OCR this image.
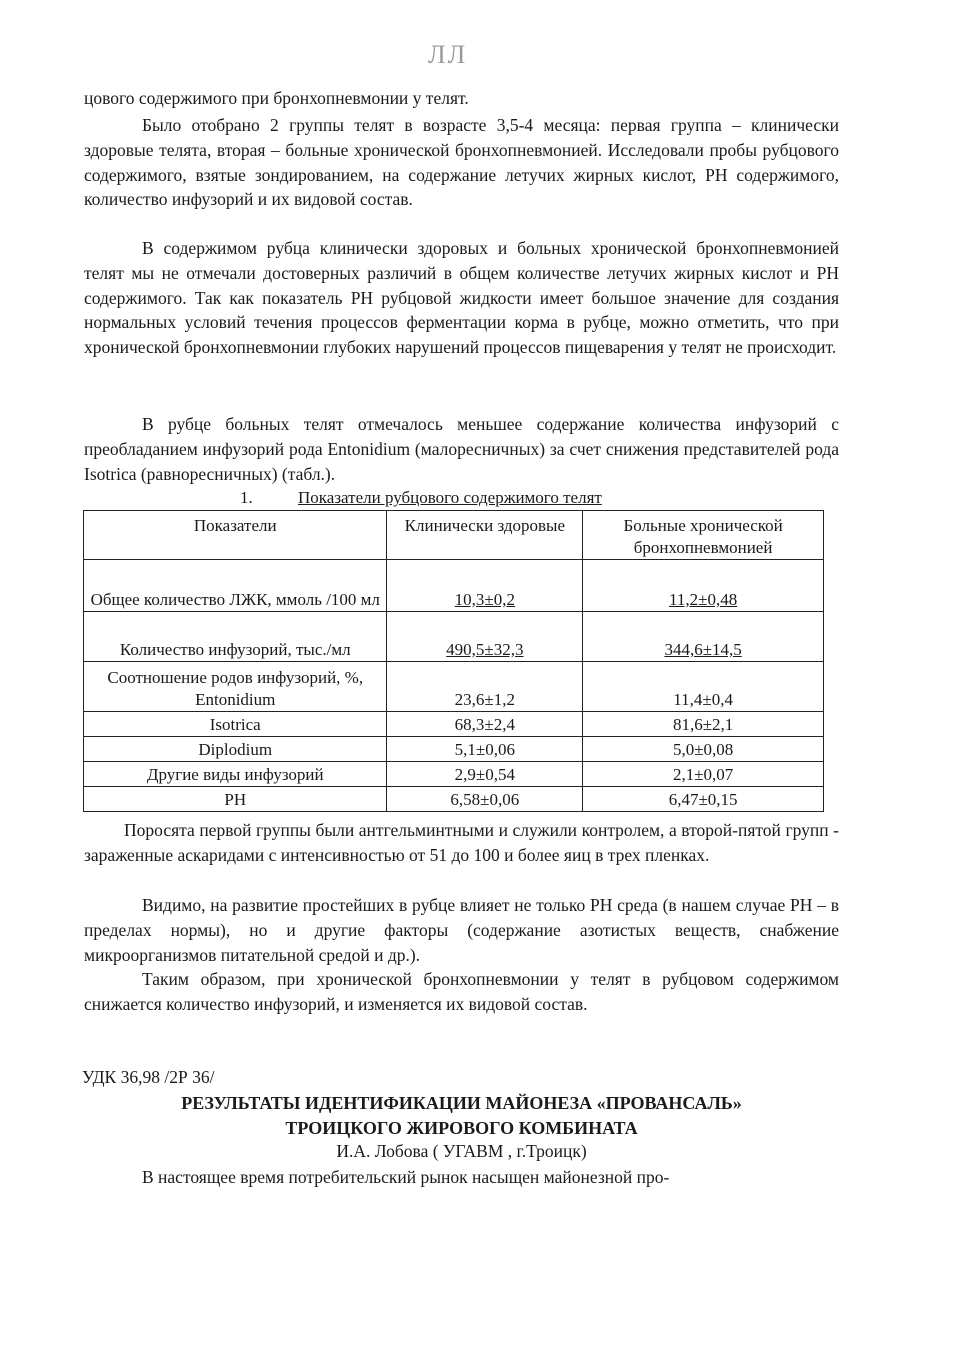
ЛЛ

цового содержимого при бронхопневмонии у телят.

Было отобрано 2 группы телят в возрасте 3,5-4 месяца: первая группа – клинически здоровые телята, вторая – больные хронической бронхопневмонией. Исследовали пробы рубцового содержимого, взятые зондированием, на содержание летучих жирных кислот, РН содержимого, количество инфузорий и их видовой состав.

В содержимом рубца клинически здоровых и больных хронической бронхопневмонией телят мы не отмечали достоверных различий в общем количестве летучих жирных кислот и РН содержимого. Так как показатель РН рубцовой жидкости имеет большое значение для создания нормальных условий течения процессов ферментации корма в рубце, можно отметить, что при хронической бронхопневмонии глубоких нарушений процессов пищеварения у телят не происходит.

В рубце больных телят отмечалось меньшее содержание количества инфузорий с преобладанием инфузорий рода Entonidium (малоресничных) за счет снижения представителей рода Isotrica (равноресничных) (табл.).

1.	Показатели рубцового содержимого телят
Показатели	Клинически здоровые	Больные хронической бронхопневмонией
Общее количество ЛЖК, ммоль /100 мл	10,3±0,2	11,2±0,48
Количество инфузорий, тыс./мл	490,5±32,3	344,6±14,5
Соотношение родов инфузорий, %, Entonidium	23,6±1,2	11,4±0,4
Isotrica	68,3±2,4	81,6±2,1
Diplodium	5,1±0,06	5,0±0,08
Другие виды инфузорий	2,9±0,54	2,1±0,07
РН	6,58±0,06	6,47±0,15

Поросята первой группы были антгельминтными и служили контролем, а второй-пятой групп - зараженные аскаридами с интенсивностью от 51 до 100 и более яиц в трех пленках.

Видимо, на развитие простейших в рубце влияет не только РН среда (в нашем случае РН – в пределах нормы), но и другие факторы (содержание азотистых веществ, снабжение микроорганизмов питательной средой и др.).

Таким образом, при хронической бронхопневмонии у телят в рубцовом содержимом снижается количество инфузорий, и изменяется их видовой состав.

УДК 36,98 /2Р 36/

РЕЗУЛЬТАТЫ ИДЕНТИФИКАЦИИ МАЙОНЕЗА «ПРОВАНСАЛЬ»
ТРОИЦКОГО ЖИРОВОГО КОМБИНАТА

И.А. Лобова ( УГАВМ , г.Троицк)

В настоящее время потребительский рынок насыщен майонезной про-
